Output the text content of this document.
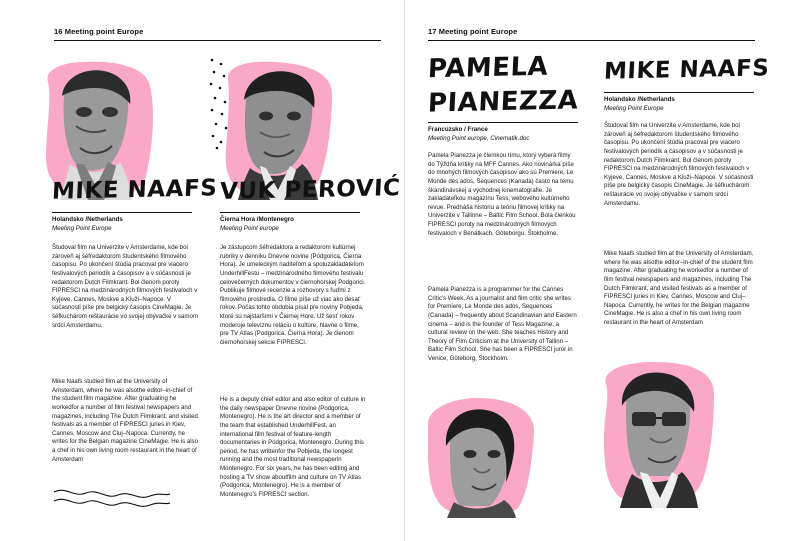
16 Meeting point Europe	17 Meeting point Europe
MIKE NAAFS
Holandsko /Netherlands
Meeting Point Europe
Študoval film na Univerzite v Amsterdame, kde bol zároveň aj šéfredaktorom študentského filmového časopisu. Po ukončení štúdia pracoval pre viacero festivalových periodík a časopisov a v súčasnosti je redaktorom Dutch Filmkrant. Bol členom poroty FIPRESCI na medzinárodných filmových festivaloch v Kyjeve, Cannes, Moskve a Kluži–Napoce. V súčasnosti píše pre belgický časopis CineMagie. Je šéfkuchárom reštaurácie vo svojej obývačke v samom srdci Amsterdamu.
Mike Naafs studied film at the University of Amsterdam, where he was alsothe editor–in-chief of the student film magazine. After graduating he workedfor a number of film festival newspapers and magazines, including The Dutch Filmkrant, and visited festivals as a member of FIPRESCI juries in Kiev, Cannes, Moscow and Cluj–Napoca. Currently, he writes for the Belgian magazine CineMagie. He is also a chef in his own living room restaurant in the heart of Amsterdam
VUK PEROVIĆ
Čierna Hora /Montenegro
Meeting Point europe
Je zástupcom šéfredaktora a redaktorom kultúrnej rubriky v denníku Dnevne novine (Podgorica, Čierna Hora). Je umeleckým riaditeľom a spoluzakladateľom UnderhillFestu – medzinárodného filmového festivalu celovečerných dokumentov v čiernohorskej Podgorici. Publikuje filmové recenzie a rozhovory s ľuďmi z filmového prostredia. O filme píše už viac ako desať rokov. Počas tohto obdobia písal pre noviny Pobjeda, ktoré sú najstaršími v Čiernej Hore. Už šesť rokov moderuje televíznu reláciu o kultúre, hlavne o filme, pre TV Atlas (Podgorica, Čierna Hora). Je členom čiernohorskej sekcie FIPRESCI.
He is a deputy chief editor and also editor of culture in the daily newspaper Dnevne novine (Podgorica, Montenegro). He is the art director and a member of the team that established UnderhillFest, an international film festival of feature-length documentaries in Podgorica, Montenegro. During this period, he has writtenfor the Pobjeda, the longest running and the most traditional newspaperin Montenegro. For six years, he has been editing and hosting a TV show aboutfilm and culture on TV Atlas (Podgorica, Montenegro). He is a member of Montenegro's FIPRESCI section.
PAMELA
PIANEZZA
Francúzsko / France
Meeting Point europe, Cinematik.doc
Pamela Pianezza je člemkou tímu, ktorý vyberá filmy do Týždňa kritiky na MFF Cannes. Ako novinárka píše do mnohých filmových časopisov ako sú Premiere, Le Monde des ados, Sequences (Kanada) často na tému škandinávskej a východnej kinematografie. Je zakladateľkou magazínu Tess, webového kultúrneho revue. Prednáša históriu a teóriu filmovej kritiky na Univerzite v Tallinne – Baltic Film School. Bola členkou FIPRESCI poroty na medzinárodných filmových festivaloch v Benátkach, Göteborgu, Štokholme.
Pamela Pianezza is a programmer for the Cannes Critic's Week. As a journalist and film critic she writes for Premiere, Le Monde des ados, Sequences (Canada) – frequently about Scandinavian and Eastern cinema – and is the founder of Tess Magazine, a cultural review on the web. She teaches History and Theory of Film Criticism at the University of Tallinn – Baltic Film School. She has been a FIPRESCI juror in Venice, Göteborg, Stockholm.
MIKE NAAFS
Holandsko /Netherlands
Meeting Point Europe
Študoval film na Univerzite v Amsterdame, kde bol zároveň aj šéfredaktorom študentského filmového časopisu. Po ukončení štúdia pracoval pre viacero festivalových periodík a časopisov a v súčasnosti je redaktorom Dutch Filmkrant. Bol členom poroty FIPRESCI na medzinárodných filmových festivaloch v Kyjeve, Cannes, Moskve a Kluži–Napoce. V súčasnosti píše pre belgický časopis CineMagie. Je šéfkuchárom reštaurácie vo svojej obývačke v samom srdci Amsterdamu.
Mike Naafs studied film at the University of Amsterdam, where he was alsothe editor–in-chief of the student film magazine. After graduating he workedfor a number of film festival newspapers and magazines, including The Dutch Filmkrant, and visited festivals as a member of FIPRESCI juries in Kiev, Cannes, Moscow and Cluj–Napoca. Currently, he writes for the Belgian magazine CineMagie. He is also a chef in his own living room restaurant in the heart of Amsterdam
